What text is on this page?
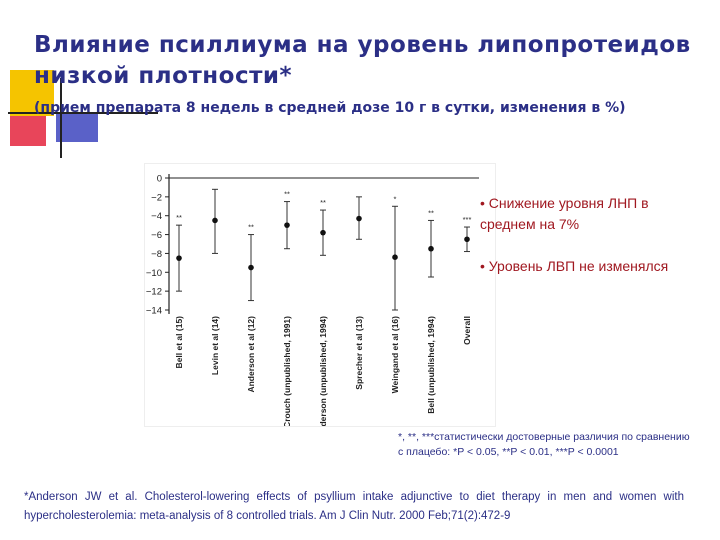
Влияние псиллиума на уровень липопротеидов низкой плотности*
(прием препарата 8 недель в средней дозе 10 г в сутки, изменения в %)
0
−2
−4
−6
−8
−10
−12
−14
**
Bell et al (15)	Levin et al (14)
**
Anderson et al (12)
**
Crouch (unpublished, 1991)
**
Anderson (unpublished, 1994)	Sprecher et al (13)
*
Weingand et al (16)
**
Bell (unpublished, 1994)
***
Overall
• Снижение уровня ЛНП в среднем на 7%
• Уровень ЛВП не изменялся
*, **, ***статистически достоверные различия по сравнению
с плацебо: *P < 0.05, **P < 0.01, ***P < 0.0001
*Anderson JW et al. Cholesterol-lowering effects of psyllium intake adjunctive to diet therapy in men and women with hypercholesterolemia: meta-analysis of 8 controlled trials. Am J Clin Nutr. 2000 Feb;71(2):472-9
